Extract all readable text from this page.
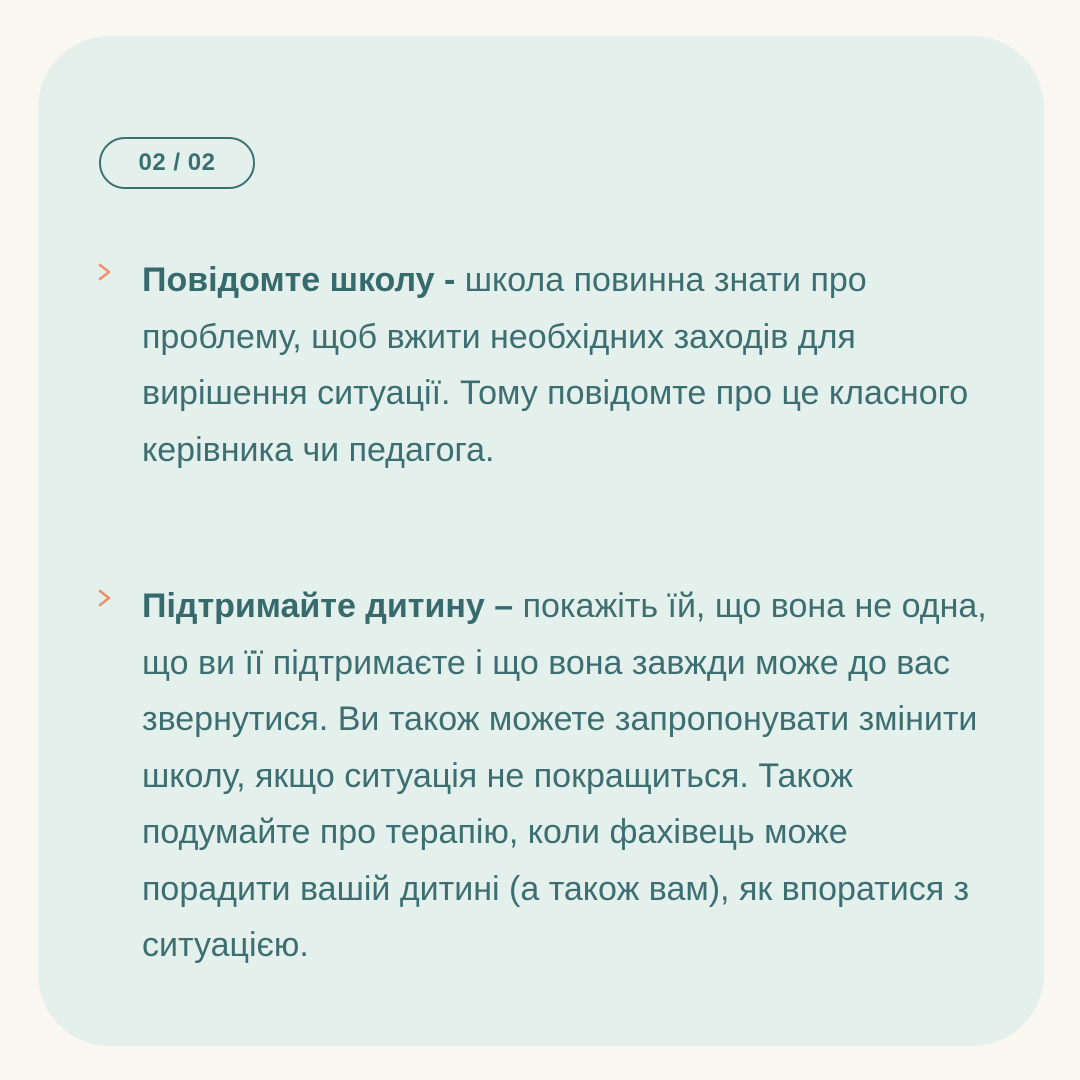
02 / 02
Повідомте школу - школа повинна знати про проблему, щоб вжити необхідних заходів для вирішення ситуації. Тому повідомте про це класного керівника чи педагога.
Підтримайте дитину – покажіть їй, що вона не одна, що ви її підтримаєте і що вона завжди може до вас звернутися. Ви також можете запропонувати змінити школу, якщо ситуація не покращиться. Також подумайте про терапію, коли фахівець може порадити вашій дитині (а також вам), як впоратися з ситуацією.
